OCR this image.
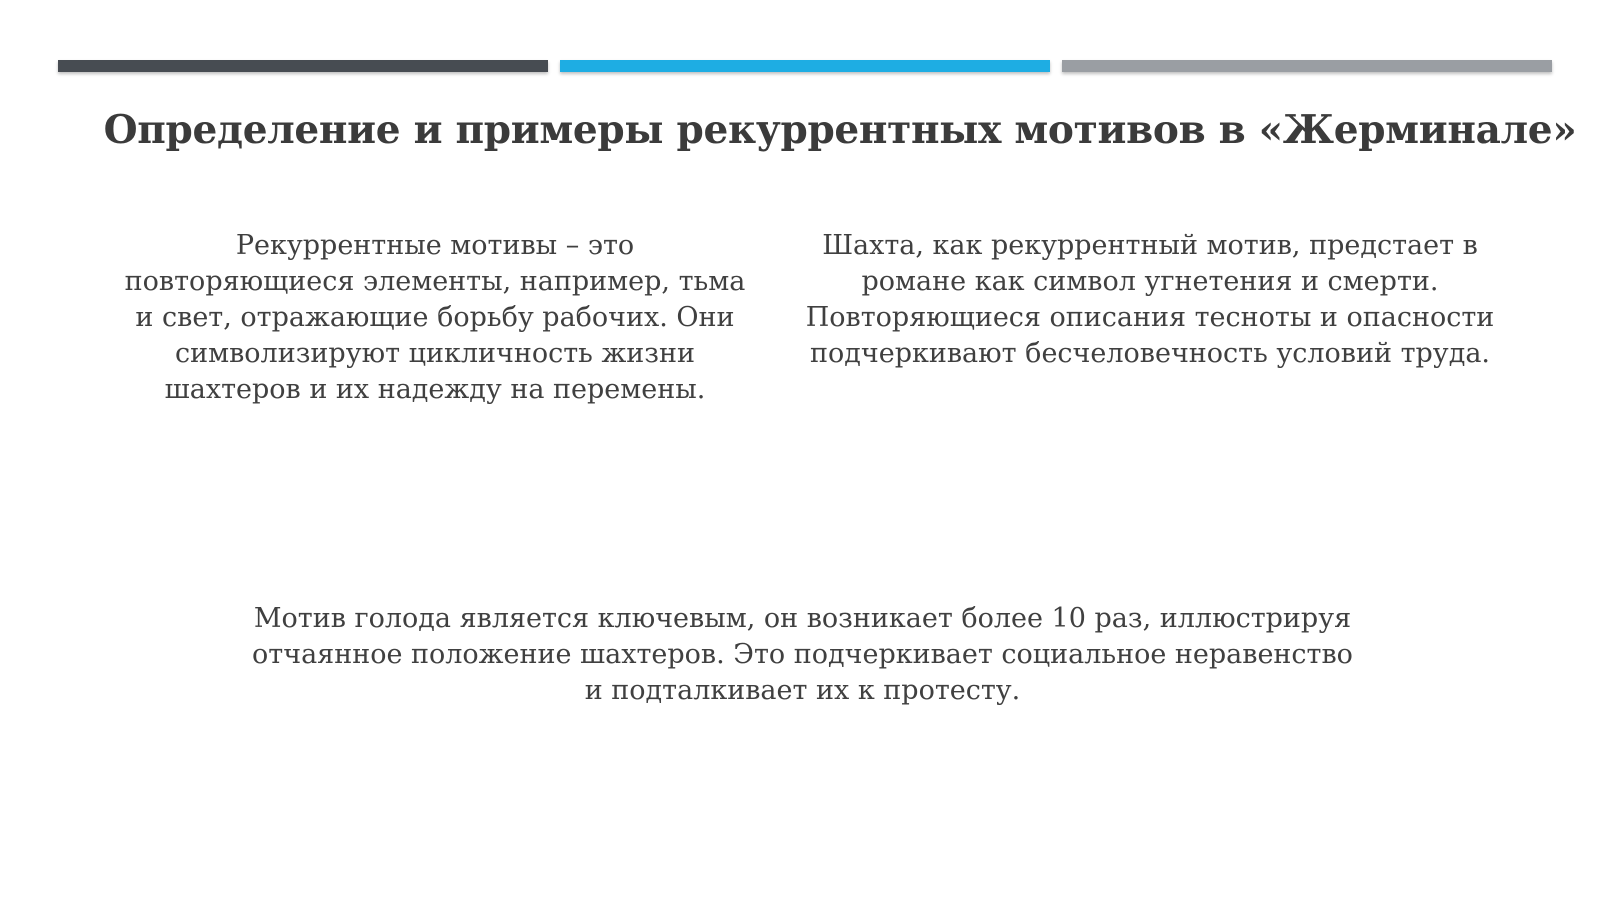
Определение и примеры рекуррентных мотивов в «Жерминале»
Рекуррентные мотивы – это повторяющиеся элементы, например, тьма и свет, отражающие борьбу рабочих. Они символизируют цикличность жизни шахтеров и их надежду на перемены.
Шахта, как рекуррентный мотив, предстает в романе как символ угнетения и смерти. Повторяющиеся описания тесноты и опасности подчеркивают бесчеловечность условий труда.
Мотив голода является ключевым, он возникает более 10 раз, иллюстрируя отчаянное положение шахтеров. Это подчеркивает социальное неравенство и подталкивает их к протесту.
